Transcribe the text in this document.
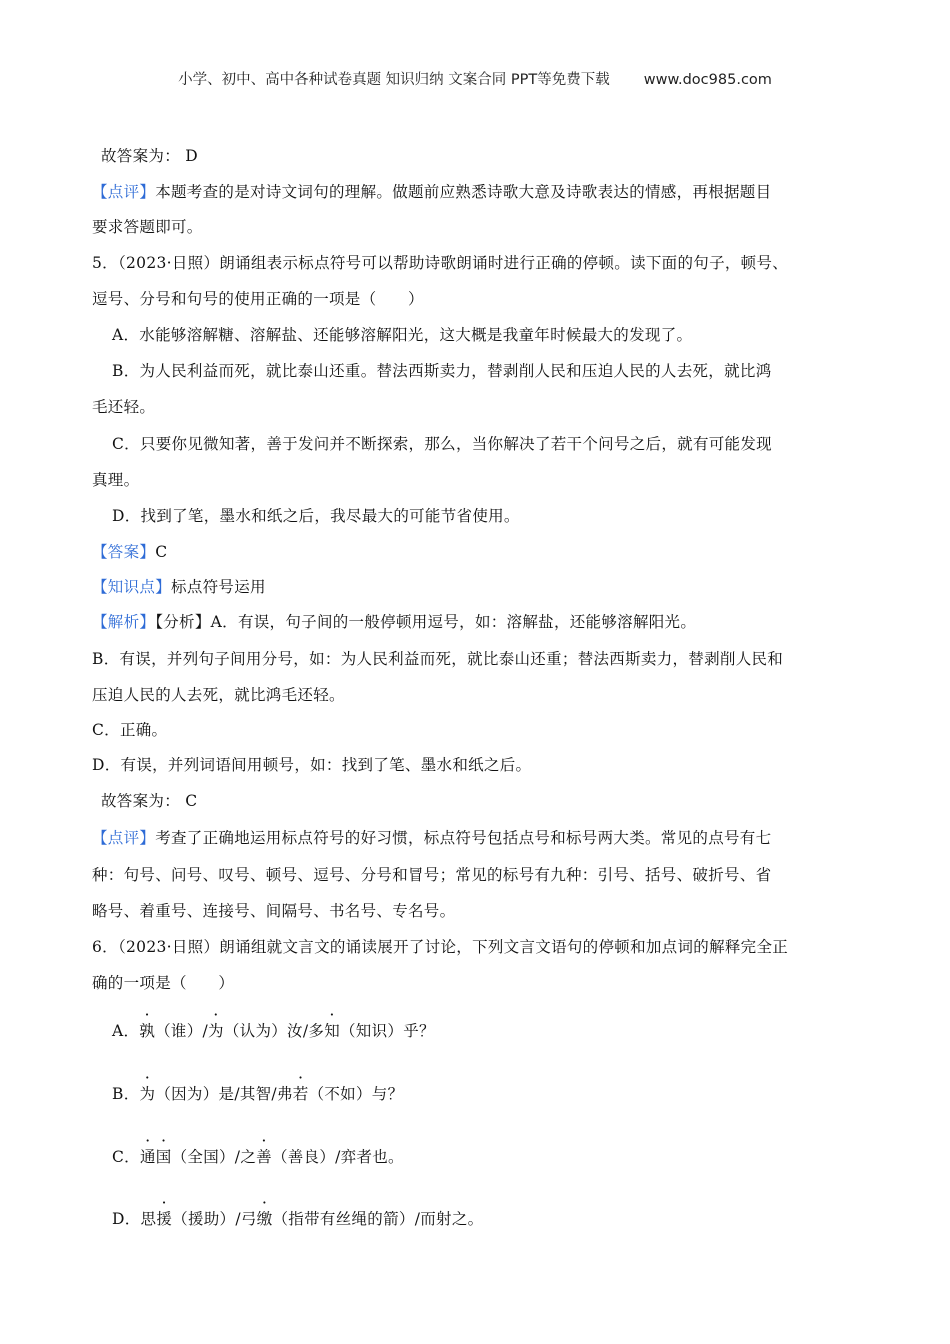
小学、初中、高中各种试卷真题 知识归纳 文案合同 PPT等免费下载 www.doc985.com
故答案为： D
【点评】本题考查的是对诗文词句的理解。做题前应熟悉诗歌大意及诗歌表达的情感，再根据题目
要求答题即可。
5．（2023·日照）朗诵组表示标点符号可以帮助诗歌朗诵时进行正确的停顿。读下面的句子，顿号、
逗号、分号和句号的使用正确的一项是（　　）
A．水能够溶解糖、溶解盐、还能够溶解阳光，这大概是我童年时候最大的发现了。
B．为人民利益而死，就比泰山还重。替法西斯卖力，替剥削人民和压迫人民的人去死，就比鸿
毛还轻。
C．只要你见微知著，善于发问并不断探索，那么，当你解决了若干个问号之后，就有可能发现
真理。
D．找到了笔，墨水和纸之后，我尽最大的可能节省使用。
【答案】C
【知识点】标点符号运用
【解析】【分析】A．有误，句子间的一般停顿用逗号，如：溶解盐，还能够溶解阳光。
B．有误，并列句子间用分号，如：为人民利益而死，就比泰山还重；替法西斯卖力，替剥削人民和
压迫人民的人去死，就比鸿毛还轻。
C．正确。
D．有误，并列词语间用顿号，如：找到了笔、墨水和纸之后。
故答案为： C
【点评】考查了正确地运用标点符号的好习惯，标点符号包括点号和标号两大类。常见的点号有七
种：句号、问号、叹号、顿号、逗号、分号和冒号；常见的标号有九种：引号、括号、破折号、省
略号、着重号、连接号、间隔号、书名号、专名号。
6．（2023·日照）朗诵组就文言文的诵读展开了讨论，下列文言文语句的停顿和加点词的解释完全正
确的一项是（　　）
A．孰（谁）/为（认为）汝/多知（知识）乎？
B．为（因为）是/其智/弗若（不如）与？
C．通国（全国）/之善（善良）/弈者也。
D．思援（援助）/弓缴（指带有丝绳的箭）/而射之。
